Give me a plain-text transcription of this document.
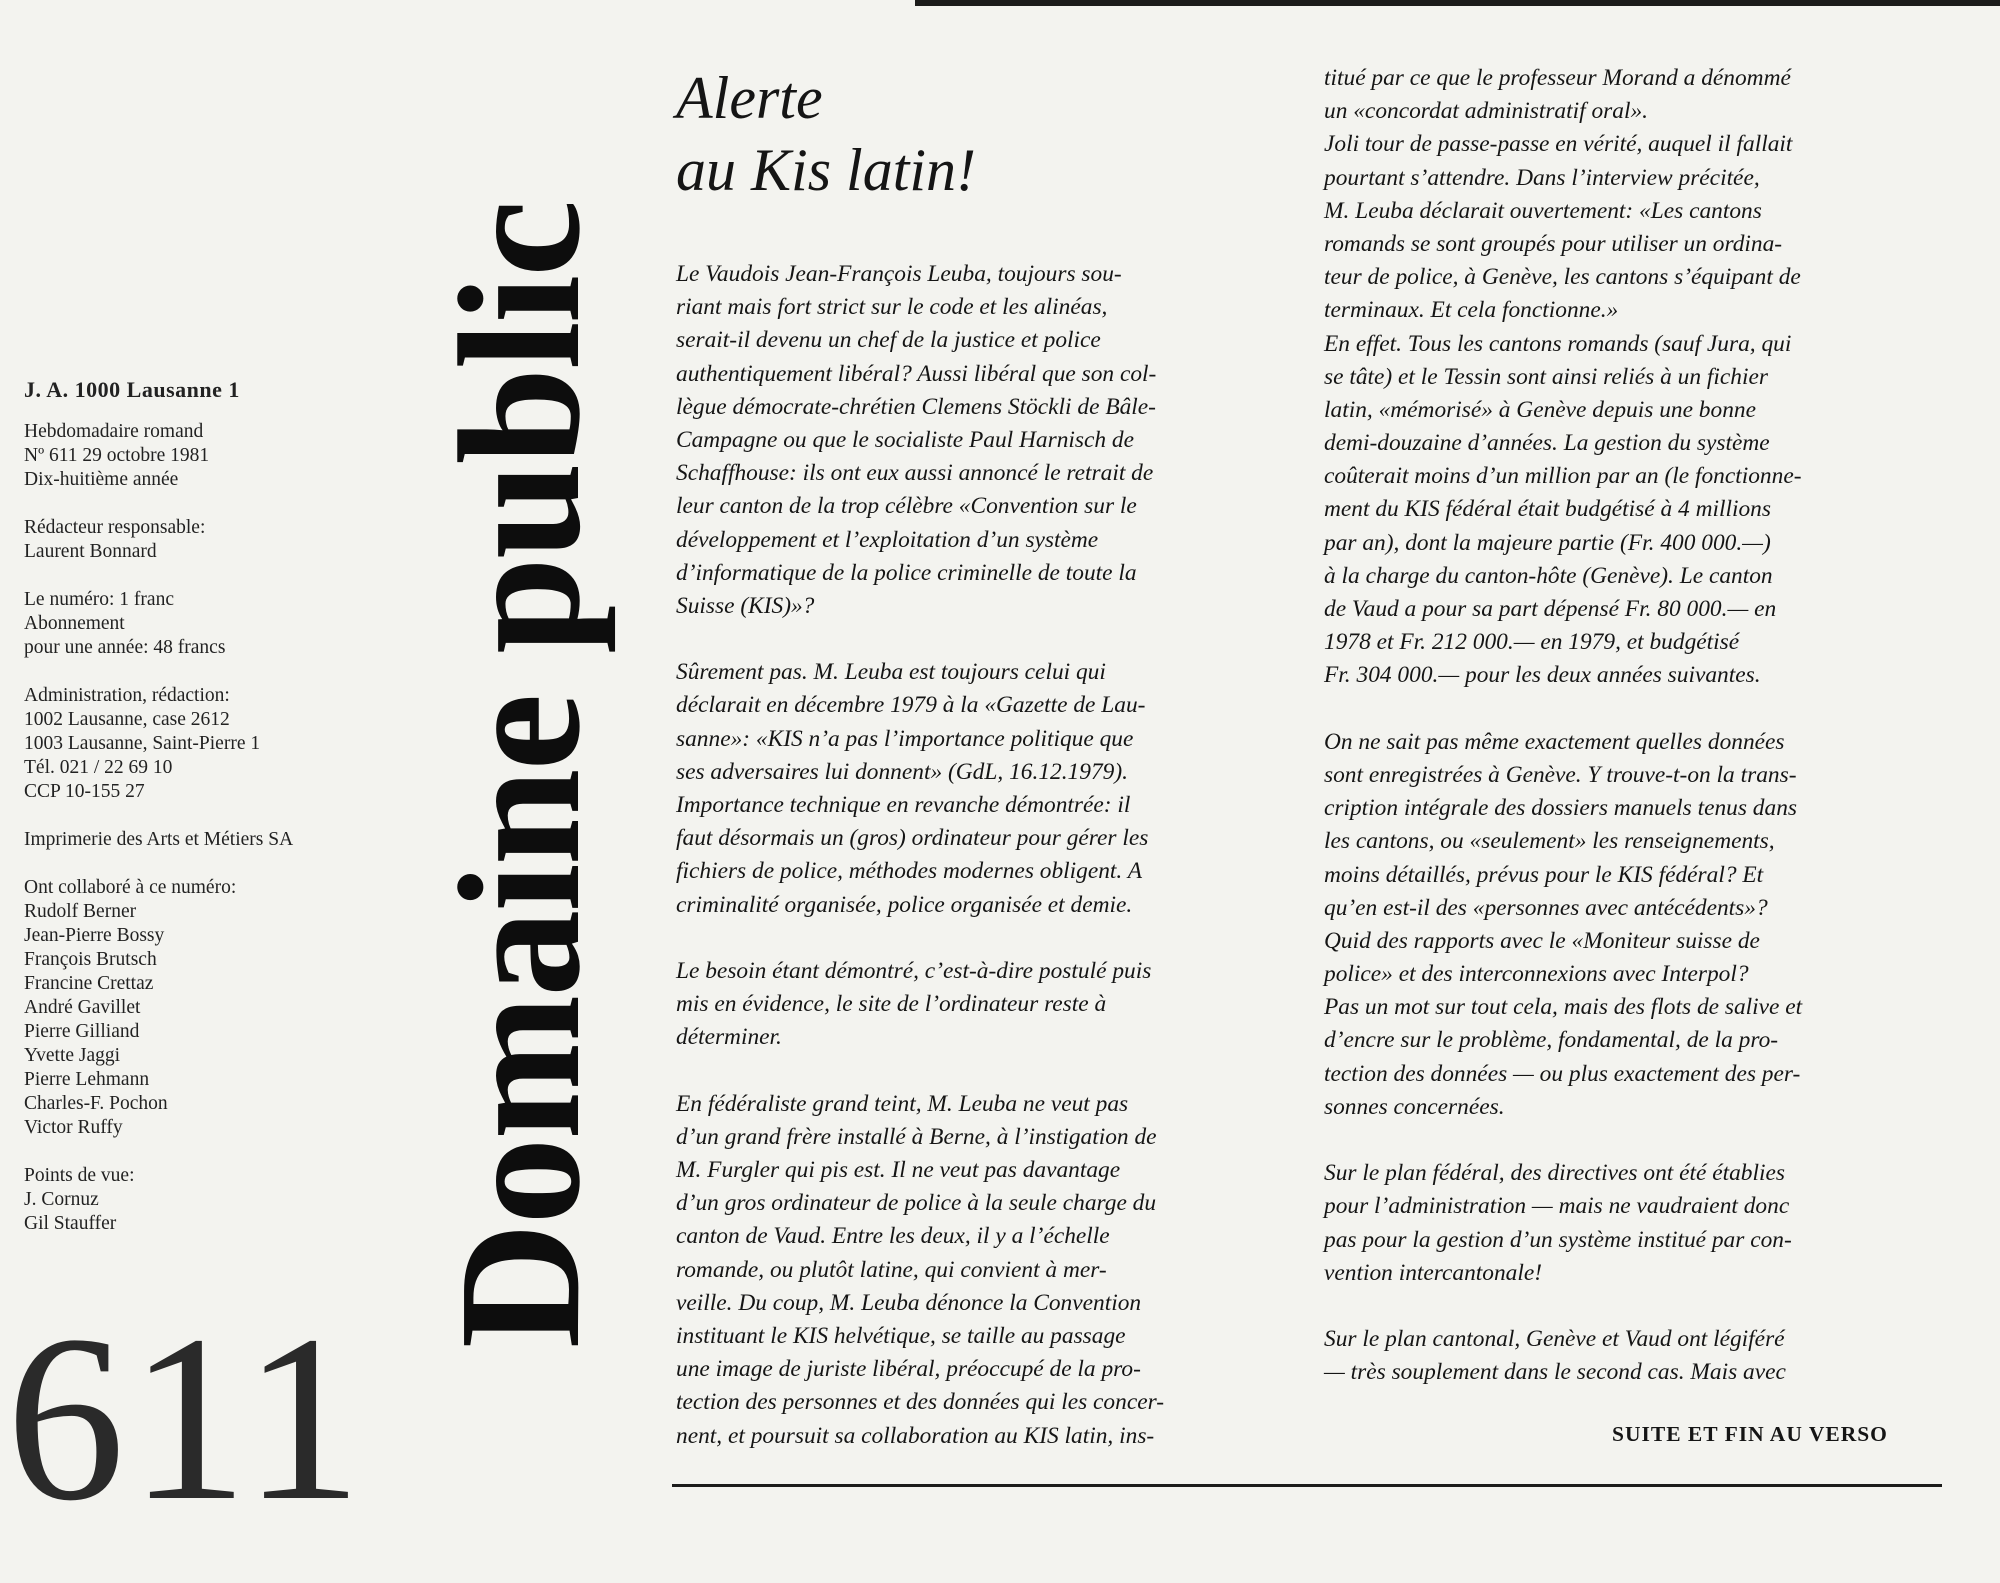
J. A. 1000 Lausanne 1
Hebdomadaire romand
Nº 611 29 octobre 1981
Dix-huitième année
Rédacteur responsable:
Laurent Bonnard
Le numéro: 1 franc
Abonnement
pour une année: 48 francs
Administration, rédaction:
1002 Lausanne, case 2612
1003 Lausanne, Saint-Pierre 1
Tél. 021 / 22 69 10
CCP 10-155 27
Imprimerie des Arts et Métiers SA
Ont collaboré à ce numéro:
Rudolf Berner
Jean-Pierre Bossy
François Brutsch
Francine Crettaz
André Gavillet
Pierre Gilliand
Yvette Jaggi
Pierre Lehmann
Charles-F. Pochon
Victor Ruffy
Points de vue:
J. Cornuz
Gil Stauffer
611
Domaine public
Alerte
au Kis latin!
Le Vaudois Jean-François Leuba, toujours sou-
riant mais fort strict sur le code et les alinéas,
serait-il devenu un chef de la justice et police
authentiquement libéral? Aussi libéral que son col-
lègue démocrate-chrétien Clemens Stöckli de Bâle-
Campagne ou que le socialiste Paul Harnisch de
Schaffhouse: ils ont eux aussi annoncé le retrait de
leur canton de la trop célèbre «Convention sur le
développement et l’exploitation d’un système
d’informatique de la police criminelle de toute la
Suisse (KIS)»?
Sûrement pas. M. Leuba est toujours celui qui
déclarait en décembre 1979 à la «Gazette de Lau-
sanne»: «KIS n’a pas l’importance politique que
ses adversaires lui donnent» (GdL, 16.12.1979).
Importance technique en revanche démontrée: il
faut désormais un (gros) ordinateur pour gérer les
fichiers de police, méthodes modernes obligent. A
criminalité organisée, police organisée et demie.
Le besoin étant démontré, c’est-à-dire postulé puis
mis en évidence, le site de l’ordinateur reste à
déterminer.
En fédéraliste grand teint, M. Leuba ne veut pas
d’un grand frère installé à Berne, à l’instigation de
M. Furgler qui pis est. Il ne veut pas davantage
d’un gros ordinateur de police à la seule charge du
canton de Vaud. Entre les deux, il y a l’échelle
romande, ou plutôt latine, qui convient à mer-
veille. Du coup, M. Leuba dénonce la Convention
instituant le KIS helvétique, se taille au passage
une image de juriste libéral, préoccupé de la pro-
tection des personnes et des données qui les concer-
nent, et poursuit sa collaboration au KIS latin, ins-
titué par ce que le professeur Morand a dénommé
un «concordat administratif oral».
Joli tour de passe-passe en vérité, auquel il fallait
pourtant s’attendre. Dans l’interview précitée,
M. Leuba déclarait ouvertement: «Les cantons
romands se sont groupés pour utiliser un ordina-
teur de police, à Genève, les cantons s’équipant de
terminaux. Et cela fonctionne.»
En effet. Tous les cantons romands (sauf Jura, qui
se tâte) et le Tessin sont ainsi reliés à un fichier
latin, «mémorisé» à Genève depuis une bonne
demi-douzaine d’années. La gestion du système
coûterait moins d’un million par an (le fonctionne-
ment du KIS fédéral était budgétisé à 4 millions
par an), dont la majeure partie (Fr. 400 000.—)
à la charge du canton-hôte (Genève). Le canton
de Vaud a pour sa part dépensé Fr. 80 000.— en
1978 et Fr. 212 000.— en 1979, et budgétisé
Fr. 304 000.— pour les deux années suivantes.
On ne sait pas même exactement quelles données
sont enregistrées à Genève. Y trouve-t-on la trans-
cription intégrale des dossiers manuels tenus dans
les cantons, ou «seulement» les renseignements,
moins détaillés, prévus pour le KIS fédéral? Et
qu’en est-il des «personnes avec antécédents»?
Quid des rapports avec le «Moniteur suisse de
police» et des interconnexions avec Interpol?
Pas un mot sur tout cela, mais des flots de salive et
d’encre sur le problème, fondamental, de la pro-
tection des données — ou plus exactement des per-
sonnes concernées.
Sur le plan fédéral, des directives ont été établies
pour l’administration — mais ne vaudraient donc
pas pour la gestion d’un système institué par con-
vention intercantonale!
Sur le plan cantonal, Genève et Vaud ont légiféré
— très souplement dans le second cas. Mais avec
SUITE ET FIN AU VERSO
